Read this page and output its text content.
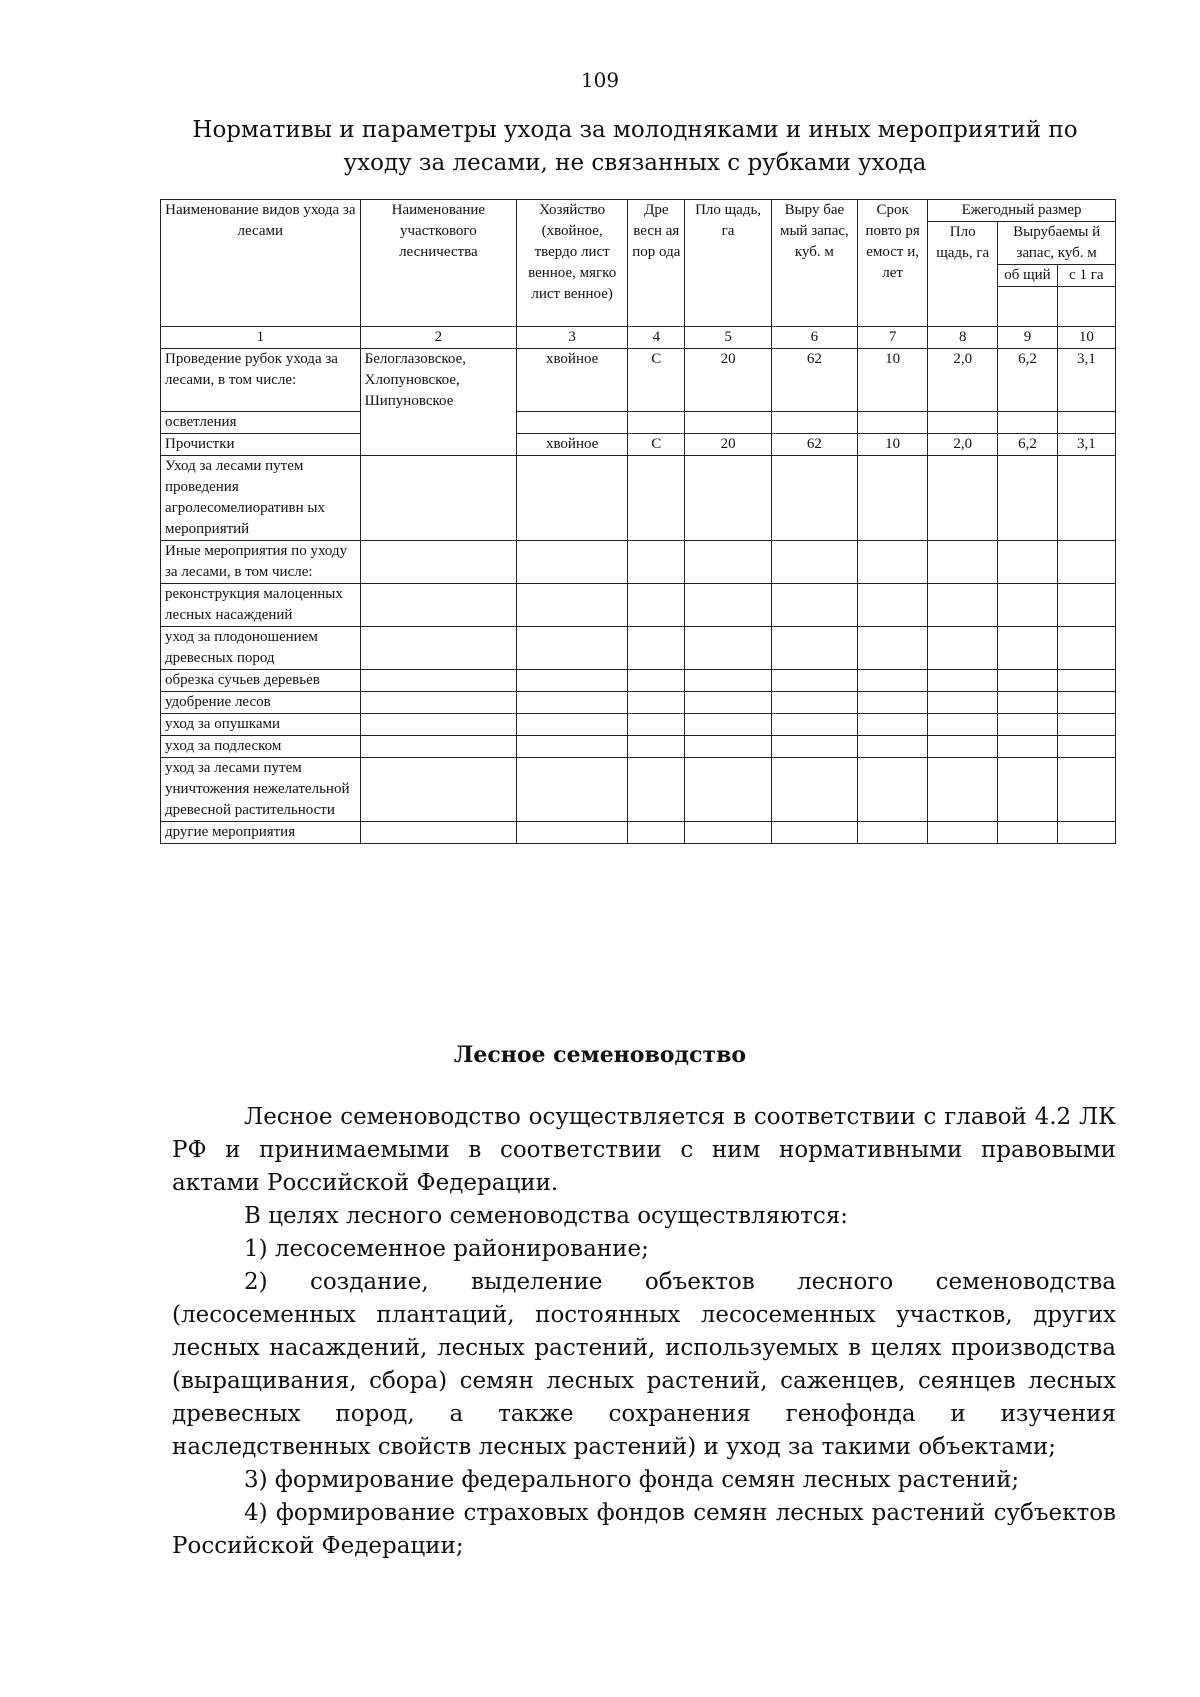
109
Нормативы и параметры ухода за молодняками и иных мероприятий по уходу за лесами, не связанных с рубками ухода
Наименование видов ухода за лесами	Наименование участкового лесничества	Хозяйство (хвойное, твердо лист венное, мягко лист венное)	Дре весн ая пор ода	Пло щадь, га	Выру бае мый запас, куб. м	Срок повто ря емост и, лет	Ежегодный размер		
							Пло щадь, га	Вырубаемы й запас, куб. м	
								об щий	с 1 га

1	2	3	4	5	6	7	8	9	10
Проведение рубок ухода за лесами, в том числе:	Белоглазовское, Хлопуновское, Шипуновское	хвойное	С	20	62	10	2,0	6,2	3,1
осветления									
Прочистки		хвойное	С	20	62	10	2,0	6,2	3,1
Уход за лесами путем проведения агролесомелиоративн ых мероприятий									
Иные мероприятия по уходу за лесами, в том числе:									
реконструкция малоценных лесных насаждений									
уход за плодоношением древесных пород									
обрезка сучьев деревьев									
удобрение лесов									
уход за опушками									
уход за подлеском									
уход за лесами путем уничтожения нежелательной древесной растительности									
другие мероприятия									
Лесное семеноводство

Лесное семеноводство осуществляется в соответствии с главой 4.2 ЛК РФ и принимаемыми в соответствии с ним нормативными правовыми актами Российской Федерации.

В целях лесного семеноводства осуществляются:

1) лесосеменное районирование;

2) создание, выделение объектов лесного семеноводства (лесосеменных плантаций, постоянных лесосеменных участков, других лесных насаждений, лесных растений, используемых в целях производства (выращивания, сбора) семян лесных растений, саженцев, сеянцев лесных древесных пород, а также сохранения генофонда и изучения наследственных свойств лесных растений) и уход за такими объектами;

3) формирование федерального фонда семян лесных растений;

4) формирование страховых фондов семян лесных растений субъектов Российской Федерации;
